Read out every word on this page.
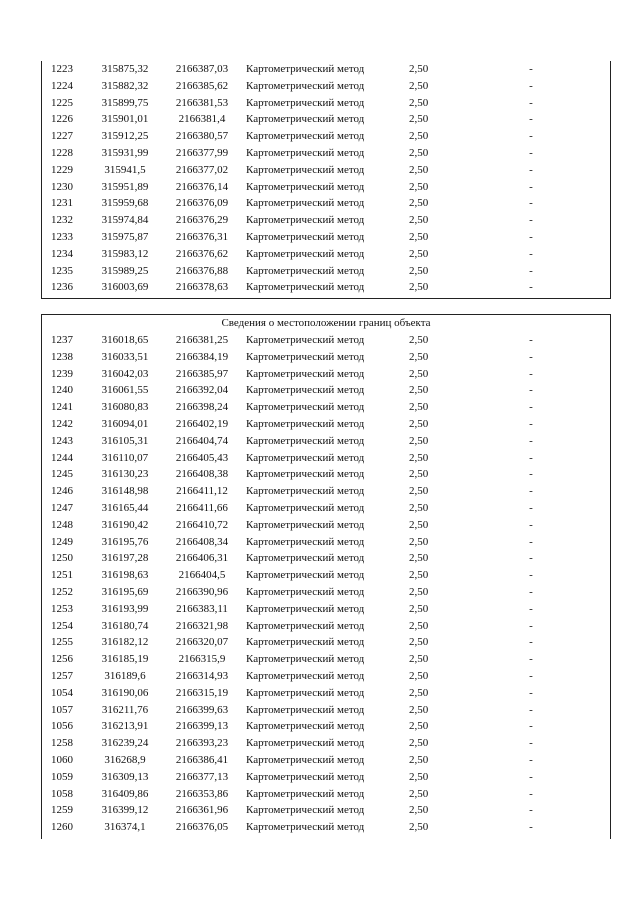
1223	315875,32	2166387,03	Картометрический метод	2,50	-
1224	315882,32	2166385,62	Картометрический метод	2,50	-
1225	315899,75	2166381,53	Картометрический метод	2,50	-
1226	315901,01	2166381,4	Картометрический метод	2,50	-
1227	315912,25	2166380,57	Картометрический метод	2,50	-
1228	315931,99	2166377,99	Картометрический метод	2,50	-
1229	315941,5	2166377,02	Картометрический метод	2,50	-
1230	315951,89	2166376,14	Картометрический метод	2,50	-
1231	315959,68	2166376,09	Картометрический метод	2,50	-
1232	315974,84	2166376,29	Картометрический метод	2,50	-
1233	315975,87	2166376,31	Картометрический метод	2,50	-
1234	315983,12	2166376,62	Картометрический метод	2,50	-
1235	315989,25	2166376,88	Картометрический метод	2,50	-
1236	316003,69	2166378,63	Картометрический метод	2,50	-
Сведения о местоположении границ объекта
1237	316018,65	2166381,25	Картометрический метод	2,50	-
1238	316033,51	2166384,19	Картометрический метод	2,50	-
1239	316042,03	2166385,97	Картометрический метод	2,50	-
1240	316061,55	2166392,04	Картометрический метод	2,50	-
1241	316080,83	2166398,24	Картометрический метод	2,50	-
1242	316094,01	2166402,19	Картометрический метод	2,50	-
1243	316105,31	2166404,74	Картометрический метод	2,50	-
1244	316110,07	2166405,43	Картометрический метод	2,50	-
1245	316130,23	2166408,38	Картометрический метод	2,50	-
1246	316148,98	2166411,12	Картометрический метод	2,50	-
1247	316165,44	2166411,66	Картометрический метод	2,50	-
1248	316190,42	2166410,72	Картометрический метод	2,50	-
1249	316195,76	2166408,34	Картометрический метод	2,50	-
1250	316197,28	2166406,31	Картометрический метод	2,50	-
1251	316198,63	2166404,5	Картометрический метод	2,50	-
1252	316195,69	2166390,96	Картометрический метод	2,50	-
1253	316193,99	2166383,11	Картометрический метод	2,50	-
1254	316180,74	2166321,98	Картометрический метод	2,50	-
1255	316182,12	2166320,07	Картометрический метод	2,50	-
1256	316185,19	2166315,9	Картометрический метод	2,50	-
1257	316189,6	2166314,93	Картометрический метод	2,50	-
1054	316190,06	2166315,19	Картометрический метод	2,50	-
1057	316211,76	2166399,63	Картометрический метод	2,50	-
1056	316213,91	2166399,13	Картометрический метод	2,50	-
1258	316239,24	2166393,23	Картометрический метод	2,50	-
1060	316268,9	2166386,41	Картометрический метод	2,50	-
1059	316309,13	2166377,13	Картометрический метод	2,50	-
1058	316409,86	2166353,86	Картометрический метод	2,50	-
1259	316399,12	2166361,96	Картометрический метод	2,50	-
1260	316374,1	2166376,05	Картометрический метод	2,50	-
